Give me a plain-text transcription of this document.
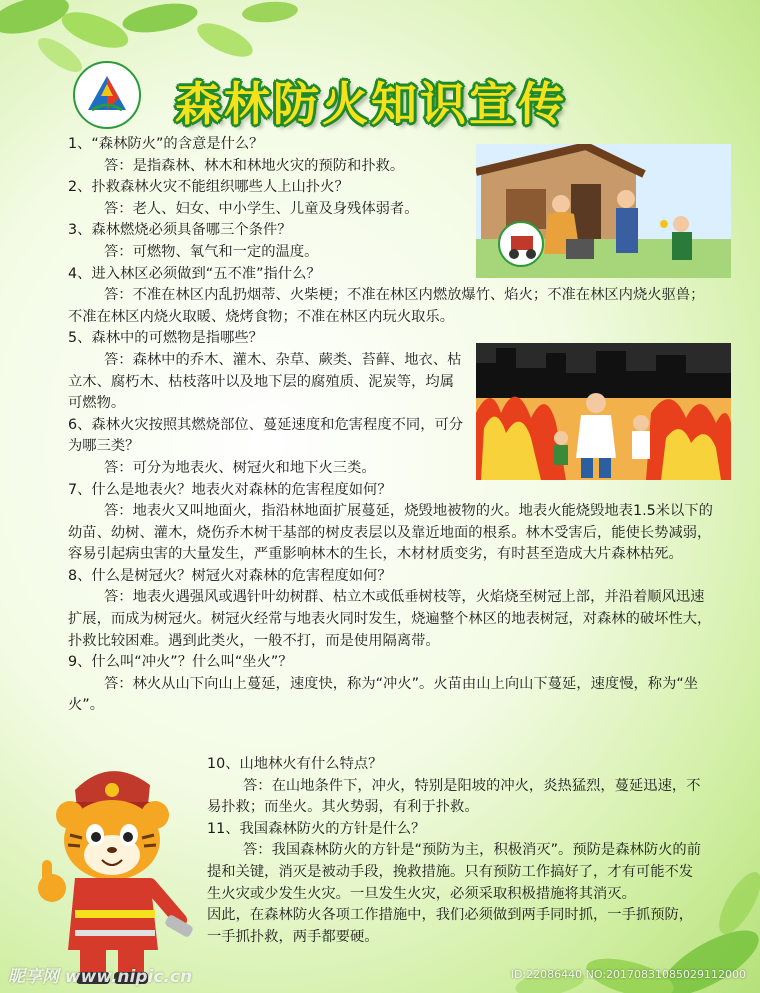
森林防火知识宣传

1、“森林防火”的含意是什么？

答：是指森林、林木和林地火灾的预防和扑救。

2、扑救森林火灾不能组织哪些人上山扑火？

答：老人、妇女、中小学生、儿童及身残体弱者。

3、森林燃烧必须具备哪三个条件？

答：可燃物、氧气和一定的温度。

4、进入林区必须做到“五不准”指什么？

答：不准在林区内乱扔烟蒂、火柴梗；不准在林区内燃放爆竹、焰火；不准在林区内烧火驱兽；不准在林区内烧火取暖、烧烤食物；不准在林区内玩火取乐。

5、森林中的可燃物是指哪些？

答：森林中的乔木、灌木、杂草、蕨类、苔藓、地衣、枯立木、腐朽木、枯枝落叶以及地下层的腐殖质、泥炭等，均属可燃物。

6、森林火灾按照其燃烧部位、蔓延速度和危害程度不同，可分为哪三类？

答：可分为地表火、树冠火和地下火三类。

7、什么是地表火？地表火对森林的危害程度如何？

答：地表火又叫地面火，指沿林地面扩展蔓延，烧毁地被物的火。地表火能烧毁地表1.5米以下的幼苗、幼树、灌木，烧伤乔木树干基部的树皮表层以及靠近地面的根系。林木受害后，能使长势减弱，容易引起病虫害的大量发生，严重影响林木的生长，木材材质变劣，有时甚至造成大片森林枯死。

8、什么是树冠火？树冠火对森林的危害程度如何？

答：地表火遇强风或遇针叶幼树群、枯立木或低垂树枝等，火焰烧至树冠上部，并沿着顺风迅速扩展，而成为树冠火。树冠火经常与地表火同时发生，烧遍整个林区的地表树冠，对森林的破坏性大，扑救比较困难。遇到此类火，一般不打，而是使用隔离带。

9、什么叫“冲火”？什么叫“坐火”？

答：林火从山下向山上蔓延，速度快，称为“冲火”。火苗由山上向山下蔓延，速度慢，称为“坐火”。

10、山地林火有什么特点？

答：在山地条件下，冲火，特别是阳坡的冲火，炎热猛烈，蔓延迅速，不易扑救；而坐火。其火势弱，有利于扑救。

11、我国森林防火的方针是什么？

答：我国森林防火的方针是“预防为主，积极消灭”。预防是森林防火的前提和关键，消灭是被动手段，挽救措施。只有预防工作搞好了，才有可能不发生火灾或少发生火灾。一旦发生火灾，必须采取积极措施将其消灭。

因此，在森林防火各项工作措施中，我们必须做到两手同时抓，一手抓预防，一手抓扑救，两手都要硬。

昵享网 www.nipic.cn	ID:22086440 NO:20170831085029112000
